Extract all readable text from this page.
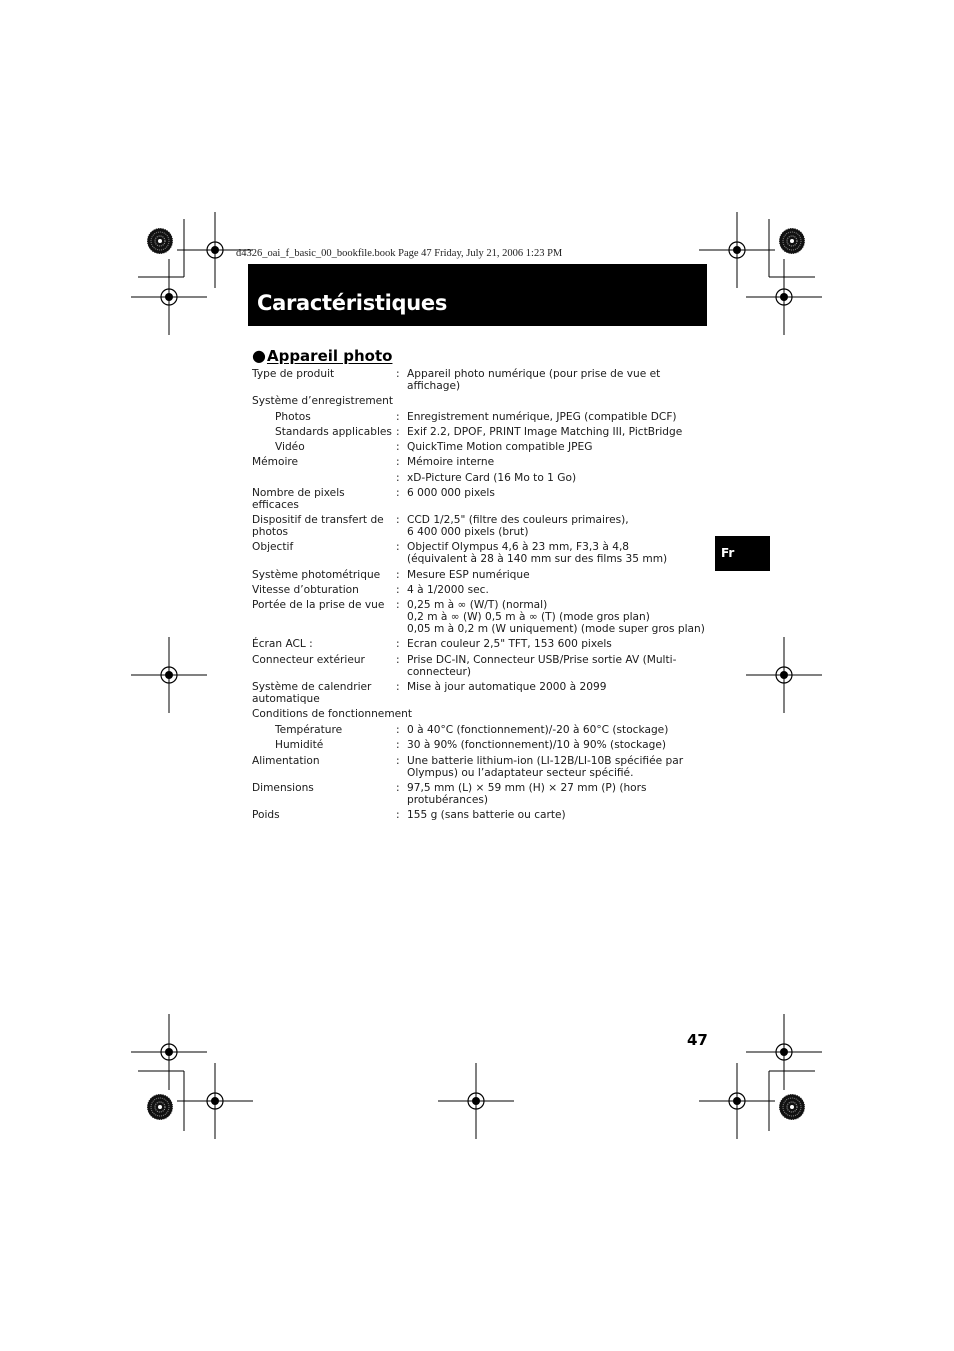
d4326_oai_f_basic_00_bookfile.book Page 47 Friday, July 21, 2006 1:23 PM
Caractéristiques
●Appareil photo
Type de produit	: Appareil photo numérique (pour prise de vue et
affichage)
Système d’enregistrement
Photos	: Enregistrement numérique, JPEG (compatible DCF)
Standards applicables : Exif 2.2, DPOF, PRINT Image Matching III, PictBridge
Vidéo	: QuickTime Motion compatible JPEG
Mémoire	: Mémoire interne
: xD-Picture Card (16 Mo to 1 Go)
Nombre de pixels
efficaces
: 6 000 000 pixels
Dispositif de transfert de
photos
: CCD 1/2,5" (filtre des couleurs primaires),
6 400 000 pixels (brut)
Objectif	: Objectif Olympus 4,6 à 23 mm, F3,3 à 4,8
(équivalent à 28 à 140 mm sur des films 35 mm)
Système photométrique	: Mesure ESP numérique
Vitesse d’obturation	: 4 à 1/2000 sec.
Portée de la prise de vue	: 0,25 m à ∞ (W/T) (normal)
0,2 m à ∞ (W) 0,5 m à ∞ (T) (mode gros plan)
0,05 m à 0,2 m (W uniquement) (mode super gros plan)
Écran ACL :	: Ecran couleur 2,5" TFT, 153 600 pixels
Connecteur extérieur	: Prise DC-IN, Connecteur USB/Prise sortie AV (Multi-
connecteur)
Système de calendrier
automatique
: Mise à jour automatique 2000 à 2099
Conditions de fonctionnement
Température	: 0 à 40°C (fonctionnement)/-20 à 60°C (stockage)
Humidité	: 30 à 90% (fonctionnement)/10 à 90% (stockage)
Alimentation	: Une batterie lithium-ion (LI-12B/LI-10B spécifiée par
Olympus) ou l’adaptateur secteur spécifié.
Dimensions	: 97,5 mm (L) × 59 mm (H) × 27 mm (P) (hors
protubérances)
Poids	: 155 g (sans batterie ou carte)
Fr
47
